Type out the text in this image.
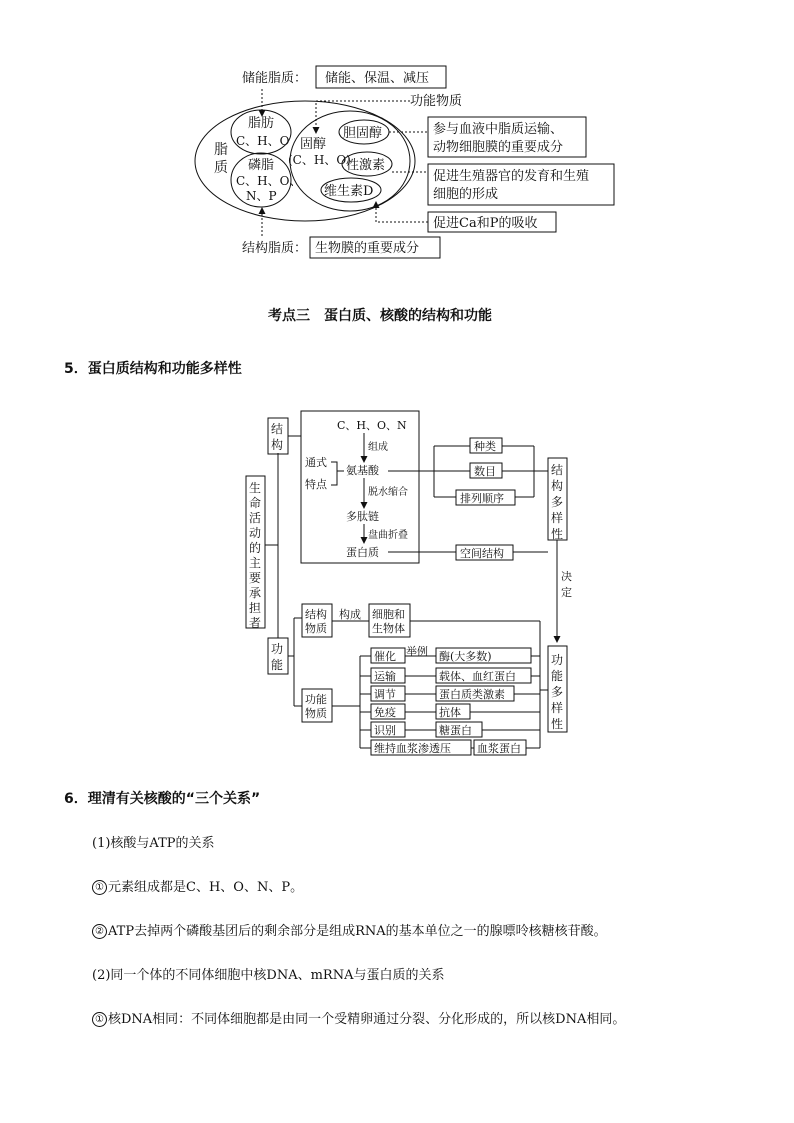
储能脂质： 储能、保温、减压
功能物质
脂
质
脂肪
C、H、O
磷脂
C、H、O、
N、P
固醇
(C、H、O)
胆固醇
性激素
维生素D
参与血液中脂质运输、
动物细胞膜的重要成分
促进生殖器官的发育和生殖
细胞的形成
促进Ca和P的吸收
结构脂质： 生物膜的重要成分
生
命
活
动
的
主
要
承
担
者
结
构
功
能
C、H、O、N
组成
通式
特点
氨基酸
脱水缩合
多肽链
盘曲折叠
蛋白质
种类
数目
排列顺序
空间结构
结
构
多
样
性
决
定
功
能
多
样
性
结构
物质
构成 细胞和
生物体
功能
物质
举例
催化	酶(大多数)
运输	载体、血红蛋白
调节	蛋白质类激素
免疫	抗体
识别	糖蛋白
维持血浆渗透压 血浆蛋白
考点三　蛋白质、核酸的结构和功能
5．蛋白质结构和功能多样性
6．理清有关核酸的“三个关系”
(1)核酸与ATP的关系
① 元素组成都是C、H、O、N、P。
② ATP去掉两个磷酸基团后的剩余部分是组成RNA的基本单位之一的腺嘌呤核糖核苷酸。
(2)同一个体的不同体细胞中核DNA、mRNA与蛋白质的关系
① 核DNA相同：不同体细胞都是由同一个受精卵通过分裂、分化形成的，所以核DNA相同。
